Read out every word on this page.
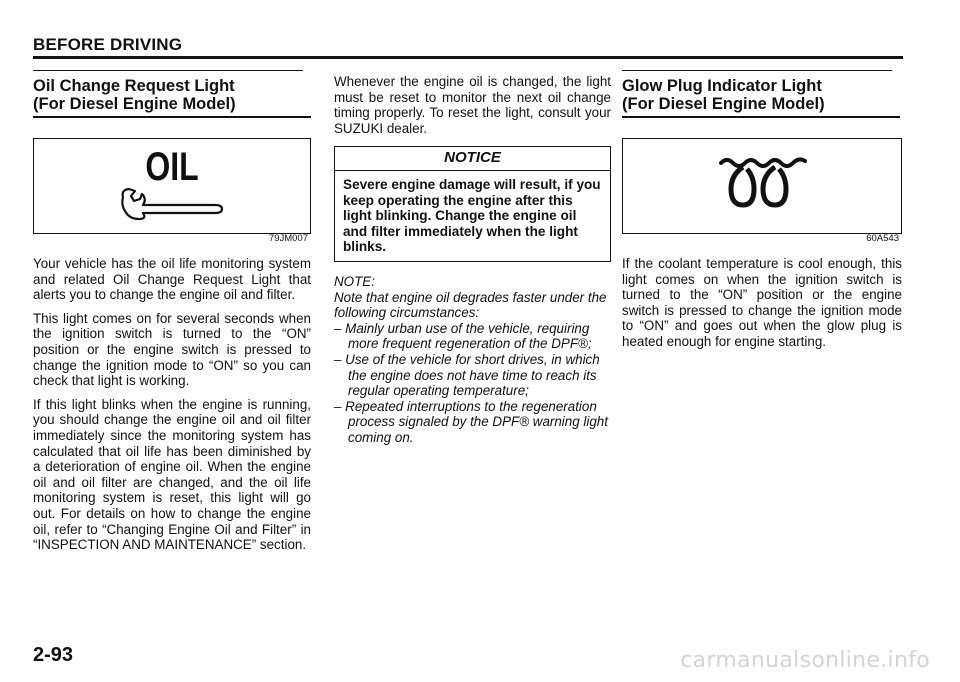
BEFORE DRIVING
Oil Change Request Light
(For Diesel Engine Model)
OIL
79JM007

Your vehicle has the oil life monitoring system and related Oil Change Request Light that alerts you to change the engine oil and filter.

This light comes on for several seconds when the ignition switch is turned to the “ON” position or the engine switch is pressed to change the ignition mode to “ON” so you can check that light is working.

If this light blinks when the engine is running, you should change the engine oil and oil filter immediately since the monitoring system has calculated that oil life has been diminished by a deterioration of engine oil. When the engine oil and oil filter are changed, and the oil life monitoring system is reset, this light will go out. For details on how to change the engine oil, refer to “Changing Engine Oil and Filter” in “INSPECTION AND MAINTENANCE” section.

Whenever the engine oil is changed, the light must be reset to monitor the next oil change timing properly. To reset the light, consult your SUZUKI dealer.

NOTICE
Severe engine damage will result, if you keep operating the engine after this light blinking. Change the engine oil and filter immediately when the light blinks.

NOTE:

Note that engine oil degrades faster under the following circumstances:

– Mainly urban use of the vehicle, requiring more frequent regeneration of the DPF®;

– Use of the vehicle for short drives, in which the engine does not have time to reach its regular operating temperature;

– Repeated interruptions to the regeneration process signaled by the DPF® warning light coming on.

Glow Plug Indicator Light
(For Diesel Engine Model)
60A543

If the coolant temperature is cool enough, this light comes on when the ignition switch is turned to the “ON” position or the engine switch is pressed to change the ignition mode to “ON” and goes out when the glow plug is heated enough for engine starting.

2-93	carmanualsonline.info
